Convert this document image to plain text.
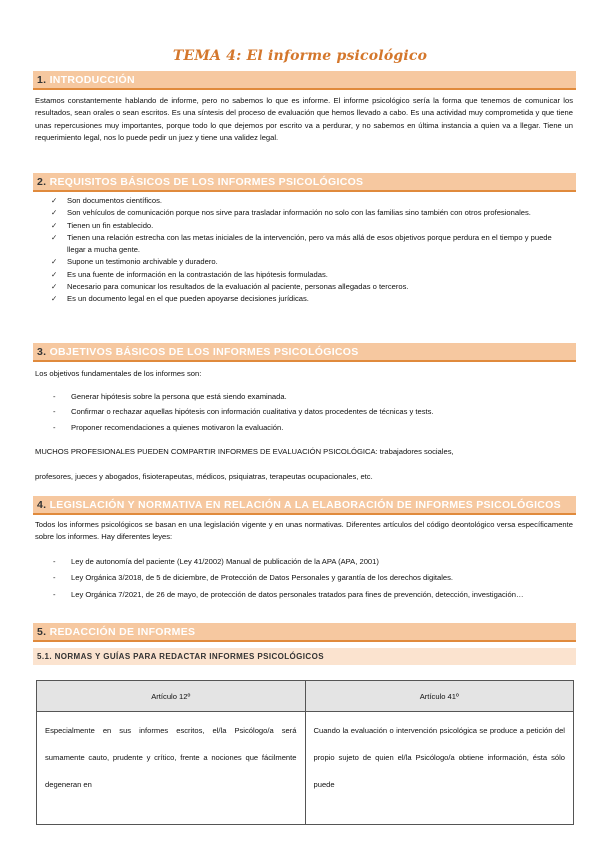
TEMA 4: El informe psicológico
1. INTRODUCCIÓN

Estamos constantemente hablando de informe, pero no sabemos lo que es informe. El informe psicológico sería la forma que tenemos de comunicar los resultados, sean orales o sean escritos. Es una síntesis del proceso de evaluación que hemos llevado a cabo. Es una actividad muy comprometida y que tiene unas repercusiones muy importantes, porque todo lo que dejemos por escrito va a perdurar, y no sabemos en última instancia a quien va a llegar. Tiene un requerimiento legal, nos lo puede pedir un juez y tiene una validez legal.

2. REQUISITOS BÁSICOS DE LOS INFORMES PSICOLÓGICOS
✓ Son documentos científicos.
✓ Son vehículos de comunicación porque nos sirve para trasladar información no solo con las familias sino también con otros profesionales.
✓ Tienen un fin establecido.
✓ Tienen una relación estrecha con las metas iniciales de la intervención, pero va más allá de esos objetivos porque perdura en el tiempo y puede llegar a mucha gente.
✓ Supone un testimonio archivable y duradero.
✓ Es una fuente de información en la contrastación de las hipótesis formuladas.
✓ Necesario para comunicar los resultados de la evaluación al paciente, personas allegadas o terceros.
✓ Es un documento legal en el que pueden apoyarse decisiones jurídicas.
3. OBJETIVOS BÁSICOS DE LOS INFORMES PSICOLÓGICOS
Los objetivos fundamentales de los informes son:
- Generar hipótesis sobre la persona que está siendo examinada.
- Confirmar o rechazar aquellas hipótesis con información cualitativa y datos procedentes de técnicas y tests.
- Proponer recomendaciones a quienes motivaron la evaluación.
MUCHOS PROFESIONALES PUEDEN COMPARTIR INFORMES DE EVALUACIÓN PSICOLÓGICA: trabajadores sociales,
profesores, jueces y abogados, fisioterapeutas, médicos, psiquiatras, terapeutas ocupacionales, etc.
4. LEGISLACIÓN Y NORMATIVA EN RELACIÓN A LA ELABORACIÓN DE INFORMES PSICOLÓGICOS

Todos los informes psicológicos se basan en una legislación vigente y en unas normativas. Diferentes artículos del código deontológico versa específicamente sobre los informes. Hay diferentes leyes:

- Ley de autonomía del paciente (Ley 41/2002) Manual de publicación de la APA (APA, 2001)
- Ley Orgánica 3/2018, de 5 de diciembre, de Protección de Datos Personales y garantía de los derechos digitales.
- Ley Orgánica 7/2021, de 26 de mayo, de protección de datos personales tratados para fines de prevención, detección, investigación…
5. REDACCIÓN DE INFORMES
5.1. NORMAS Y GUÍAS PARA REDACTAR INFORMES PSICOLÓGICOS
Artículo 12º	Artículo 41º

Especialmente en sus informes escritos, el/la Psicólogo/a será sumamente cauto, prudente y crítico, frente a nociones que fácilmente degeneran en	Cuando la evaluación o intervención psicológica se produce a petición del propio sujeto de quien el/la Psicólogo/a obtiene información, ésta sólo puede
